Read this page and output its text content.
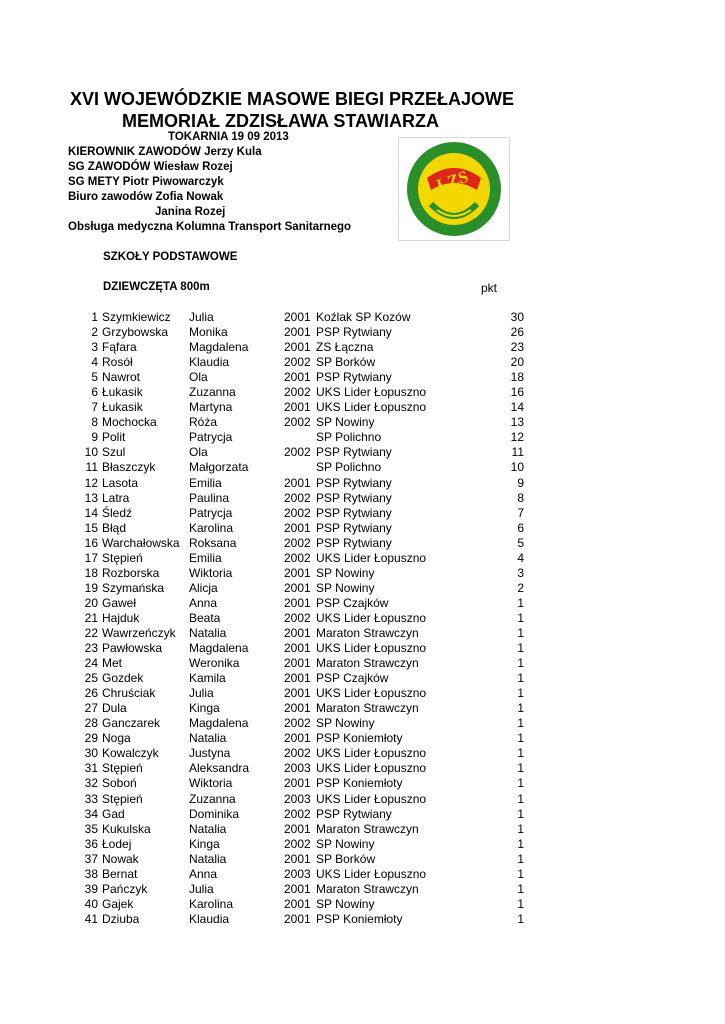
XVI WOJEWÓDZKIE MASOWE BIEGI PRZEŁAJOWE
MEMORIAŁ ZDZISŁAWA STAWIARZA
TOKARNIA 19 09 2013
KIEROWNIK ZAWODÓW Jerzy Kula
SG ZAWODÓW Wiesław Rozej
SG METY Piotr Piwowarczyk
Biuro zawodów Zofia Nowak
Janina Rozej
Obsługa medyczna Kolumna Transport Sanitarnego
LZS
SZKOŁY PODSTAWOWE
DZIEWCZĘTA 800m	pkt
1 Szymkiewicz Julia	2001 Koźlak SP Kozów	30
2 Grzybowska Monika	2001 PSP Rytwiany	26
3 Fąfara	Magdalena	2001 ZS Łączna	23
4 Rosół	Klaudia	2002 SP Borków	20
5 Nawrot	Ola	2001 PSP Rytwiany	18
6 Łukasik	Zuzanna	2002 UKS Lider Łopuszno	16
7 Łukasik	Martyna	2001 UKS Lider Łopuszno	14
8 Mochocka	Róża	2002 SP Nowiny	13
9 Polit	Patrycja	SP Polichno	12
10 Szul	Ola	2002 PSP Rytwiany	11
11 Błaszczyk	Małgorzata	SP Polichno	10
12 Lasota	Emilia	2001 PSP Rytwiany	9
13 Latra	Paulina	2002 PSP Rytwiany	8
14 Śledź	Patrycja	2002 PSP Rytwiany	7
15 Błąd	Karolina	2001 PSP Rytwiany	6
16 Warchałowska Roksana	2002 PSP Rytwiany	5
17 Stępień	Emilia	2002 UKS Lider Łopuszno	4
18 Rozborska Wiktoria	2001 SP Nowiny	3
19 Szymańska Alicja	2001 SP Nowiny	2
20 Gaweł	Anna	2001 PSP Czajków	1
21 Hajduk	Beata	2002 UKS Lider Łopuszno	1
22 Wawrzeńczyk Natalia	2001 Maraton Strawczyn	1
23 Pawłowska Magdalena	2001 UKS Lider Łopuszno	1
24 Met	Weronika	2001 Maraton Strawczyn	1
25 Gozdek	Kamila	2001 PSP Czajków	1
26 Chruściak	Julia	2001 UKS Lider Łopuszno	1
27 Dula	Kinga	2001 Maraton Strawczyn	1
28 Ganczarek Magdalena	2002 SP Nowiny	1
29 Noga	Natalia	2001 PSP Koniemłoty	1
30 Kowalczyk	Justyna	2002 UKS Lider Łopuszno	1
31 Stępień	Aleksandra	2003 UKS Lider Łopuszno	1
32 Soboń	Wiktoria	2001 PSP Koniemłoty	1
33 Stępień	Zuzanna	2003 UKS Lider Łopuszno	1
34 Gad	Dominika	2002 PSP Rytwiany	1
35 Kukulska	Natalia	2001 Maraton Strawczyn	1
36 Łodej	Kinga	2002 SP Nowiny	1
37 Nowak	Natalia	2001 SP Borków	1
38 Bernat	Anna	2003 UKS Lider Łopuszno	1
39 Pańczyk	Julia	2001 Maraton Strawczyn	1
40 Gajek	Karolina	2001 SP Nowiny	1
41 Dziuba	Klaudia	2001 PSP Koniemłoty	1
